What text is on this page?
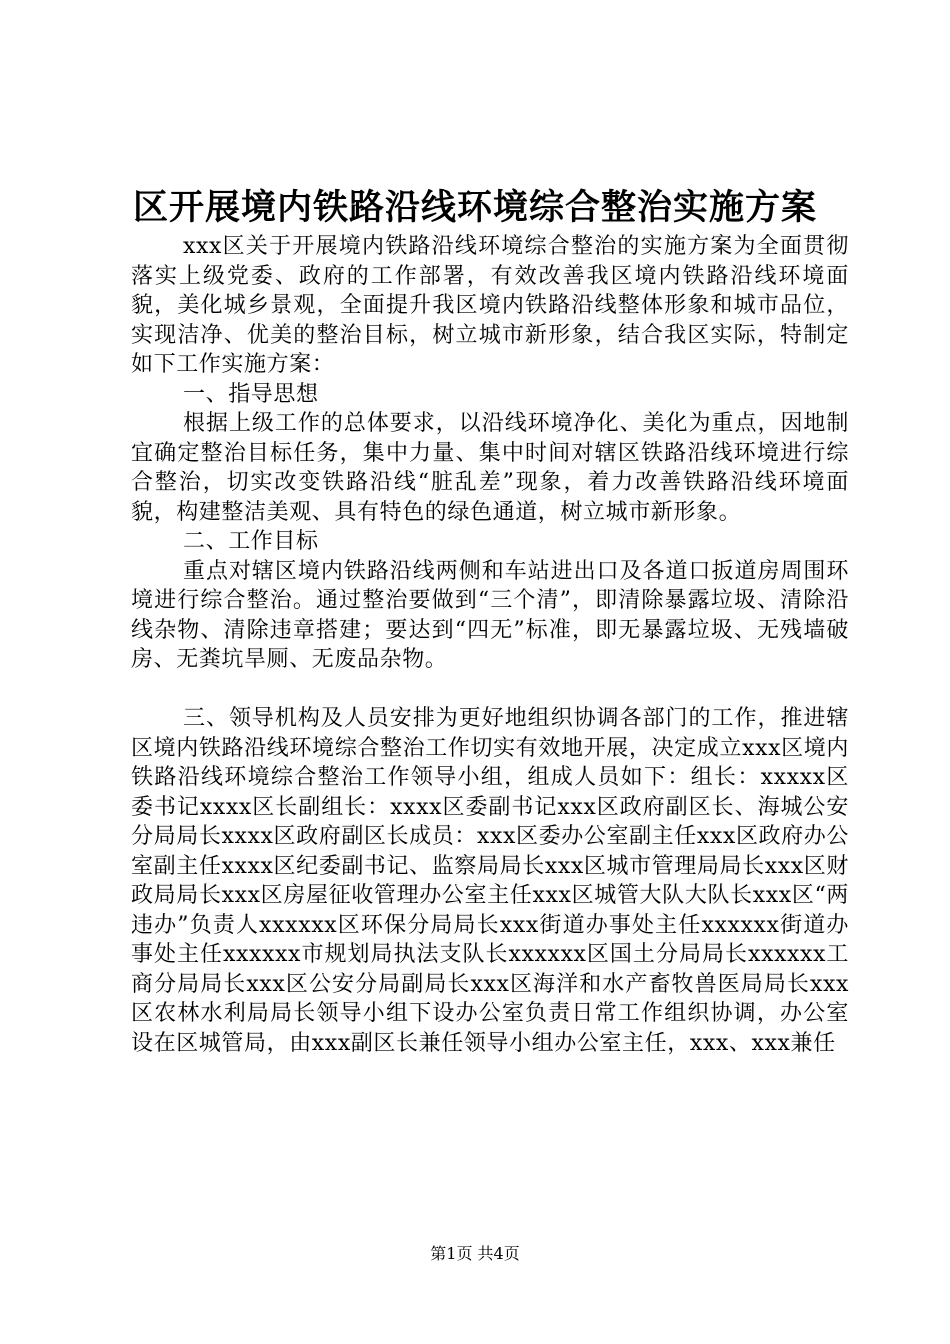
区开展境内铁路沿线环境综合整治实施方案

xxx区关于开展境内铁路沿线环境综合整治的实施方案为全面贯彻落实上级党委、政府的工作部署，有效改善我区境内铁路沿线环境面貌，美化城乡景观，全面提升我区境内铁路沿线整体形象和城市品位，实现洁净、优美的整治目标，树立城市新形象，结合我区实际，特制定如下工作实施方案：

一、指导思想

根据上级工作的总体要求，以沿线环境净化、美化为重点，因地制宜确定整治目标任务，集中力量、集中时间对辖区铁路沿线环境进行综合整治，切实改变铁路沿线“脏乱差”现象，着力改善铁路沿线环境面貌，构建整洁美观、具有特色的绿色通道，树立城市新形象。

二、工作目标

重点对辖区境内铁路沿线两侧和车站进出口及各道口扳道房周围环境进行综合整治。通过整治要做到“三个清”，即清除暴露垃圾、清除沿线杂物、清除违章搭建；要达到“四无”标准，即无暴露垃圾、无残墙破房、无粪坑旱厕、无废品杂物。

三、领导机构及人员安排为更好地组织协调各部门的工作，推进辖区境内铁路沿线环境综合整治工作切实有效地开展，决定成立xxx区境内铁路沿线环境综合整治工作领导小组，组成人员如下：组长：xxxxx区委书记xxxx区长副组长：xxxx区委副书记xxx区政府副区长、海城公安分局局长xxxx区政府副区长成员：xxx区委办公室副主任xxx区政府办公室副主任xxxx区纪委副书记、监察局局长xxx区城市管理局局长xxx区财政局局长xxx区房屋征收管理办公室主任xxx区城管大队大队长xxx区“两违办”负责人xxxxxx区环保分局局长xxx街道办事处主任xxxxxx街道办事处主任xxxxxx市规划局执法支队长xxxxxx区国土分局局长xxxxxx工商分局局长xxx区公安分局副局长xxx区海洋和水产畜牧兽医局局长xxx区农林水利局局长领导小组下设办公室负责日常工作组织协调，办公室设在区城管局，由xxx副区长兼任领导小组办公室主任，xxx、xxx兼任

第1页 共4页
